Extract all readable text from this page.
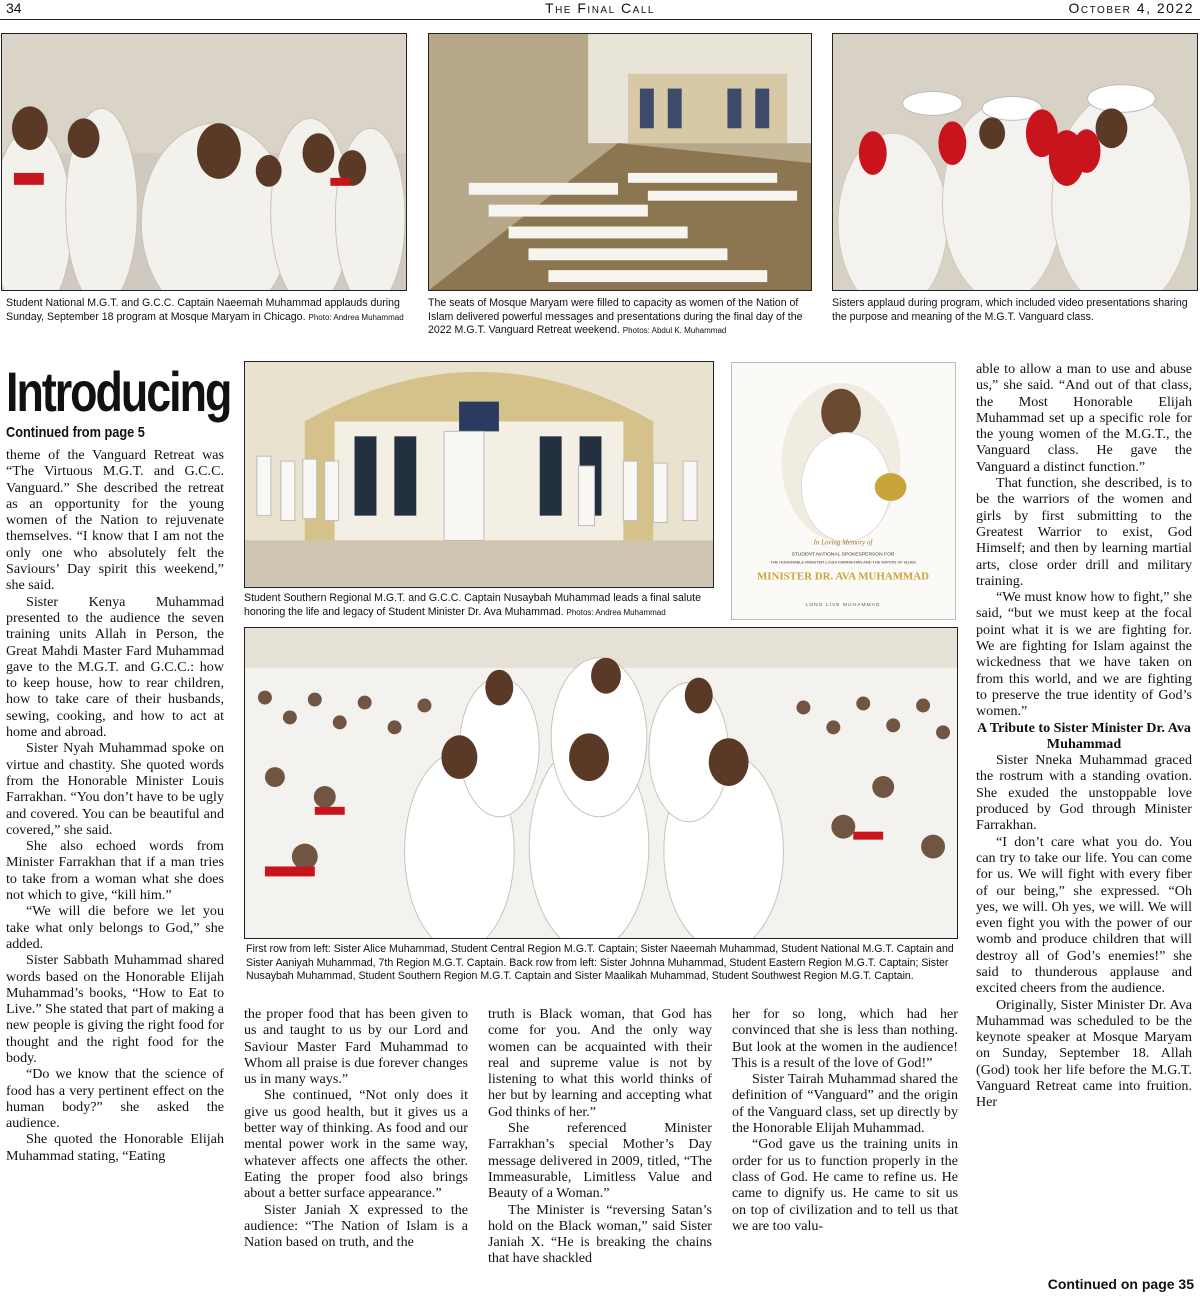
34	The Final Call	October 4, 2022
Student National M.G.T. and G.C.C. Captain Naeemah Muhammad applauds during Sunday, September 18 program at Mosque Maryam in Chicago. Photo: Andrea Muhammad
The seats of Mosque Maryam were filled to capacity as women of the Nation of Islam delivered powerful messages and presentations during the final day of the 2022 M.G.T. Vanguard Retreat weekend. Photos: Abdul K. Muhammad
Sisters applaud during program, which included video presentations sharing the purpose and meaning of the M.G.T. Vanguard class.
Introducing
Continued from page 5
Student Southern Regional M.G.T. and G.C.C. Captain Nusaybah Muhammad leads a final salute honoring the life and legacy of Student Minister Dr. Ava Muhammad. Photos: Andrea Muhammad
In Loving Memory of
STUDENT NATIONAL SPOKESPERSON FOR
THE HONORABLE MINISTER LOUIS FARRAKHAN AND THE NATION OF ISLAM
MINISTER DR. AVA MUHAMMAD
LONG LIVE MUHAMMAD
First row from left: Sister Alice Muhammad, Student Central Region M.G.T. Captain; Sister Naeemah Muhammad, Student National M.G.T. Captain and Sister Aaniyah Muhammad, 7th Region M.G.T. Captain. Back row from left: Sister Johnna Muhammad, Student Eastern Region M.G.T. Captain; Sister Nusaybah Muhammad, Student Southern Region M.G.T. Captain and Sister Maalikah Muhammad, Student Southwest Region M.G.T. Captain.

theme of the Vanguard Retreat was “The Virtuous M.G.T. and G.C.C. Vanguard.” She described the retreat as an opportunity for the young women of the Nation to rejuvenate themselves. “I know that I am not the only one who absolutely felt the Saviours’ Day spirit this weekend,” she said.

Sister Kenya Muhammad presented to the audience the seven training units Allah in Person, the Great Mahdi Master Fard Muhammad gave to the M.G.T. and G.C.C.: how to keep house, how to rear children, how to take care of their husbands, sewing, cooking, and how to act at home and abroad.

Sister Nyah Muhammad spoke on virtue and chastity. She quoted words from the Honorable Minister Louis Farrakhan. “You don’t have to be ugly and covered. You can be beautiful and covered,” she said.

She also echoed words from Minister Farrakhan that if a man tries to take from a woman what she does not which to give, “kill him.”

“We will die before we let you take what only belongs to God,” she added.

Sister Sabbath Muhammad shared words based on the Honorable Elijah Muhammad’s books, “How to Eat to Live.” She stated that part of making a new people is giving the right food for thought and the right food for the body.

“Do we know that the science of food has a very pertinent effect on the human body?” she asked the audience.

She quoted the Honorable Elijah Muhammad stating, “Eating

the proper food that has been given to us and taught to us by our Lord and Saviour Master Fard Muhammad to Whom all praise is due forever changes us in many ways.”

She continued, “Not only does it give us good health, but it gives us a better way of thinking. As food and our mental power work in the same way, whatever affects one affects the other. Eating the proper food also brings about a better surface appearance.”

Sister Janiah X expressed to the audience: “The Nation of Islam is a Nation based on truth, and the

truth is Black woman, that God has come for you. And the only way women can be acquainted with their real and supreme value is not by listening to what this world thinks of her but by learning and accepting what God thinks of her.”

She referenced Minister Farrakhan’s special Mother’s Day message delivered in 2009, titled, “The Immeasurable, Limitless Value and Beauty of a Woman.”

The Minister is “reversing Satan’s hold on the Black woman,” said Sister Janiah X. “He is breaking the chains that have shackled

her for so long, which had her convinced that she is less than nothing. But look at the women in the audience! This is a result of the love of God!”

Sister Tairah Muhammad shared the definition of “Vanguard” and the origin of the Vanguard class, set up directly by the Honorable Elijah Muhammad.

“God gave us the training units in order for us to function properly in the class of God. He came to refine us. He came to dignify us. He came to sit us on top of civilization and to tell us that we are too valu-

able to allow a man to use and abuse us,” she said. “And out of that class, the Most Honorable Elijah Muhammad set up a specific role for the young women of the M.G.T., the Vanguard class. He gave the Vanguard a distinct function.”

That function, she described, is to be the warriors of the women and girls by first submitting to the Greatest Warrior to exist, God Himself; and then by learning martial arts, close order drill and military training.

“We must know how to fight,” she said, “but we must keep at the focal point what it is we are fighting for. We are fighting for Islam against the wickedness that we have taken on from this world, and we are fighting to preserve the true identity of God’s women.”

A Tribute to Sister Minister Dr. Ava Muhammad

Sister Nneka Muhammad graced the rostrum with a standing ovation. She exuded the unstoppable love produced by God through Minister Farrakhan.

“I don’t care what you do. You can try to take our life. You can come for us. We will fight with every fiber of our being,” she expressed. “Oh yes, we will. Oh yes, we will. We will even fight you with the power of our womb and produce children that will destroy all of God’s enemies!” she said to thunderous applause and excited cheers from the audience.

Originally, Sister Minister Dr. Ava Muhammad was scheduled to be the keynote speaker at Mosque Maryam on Sunday, September 18. Allah (God) took her life before the M.G.T. Vanguard Retreat came into fruition. Her

Continued on page 35
